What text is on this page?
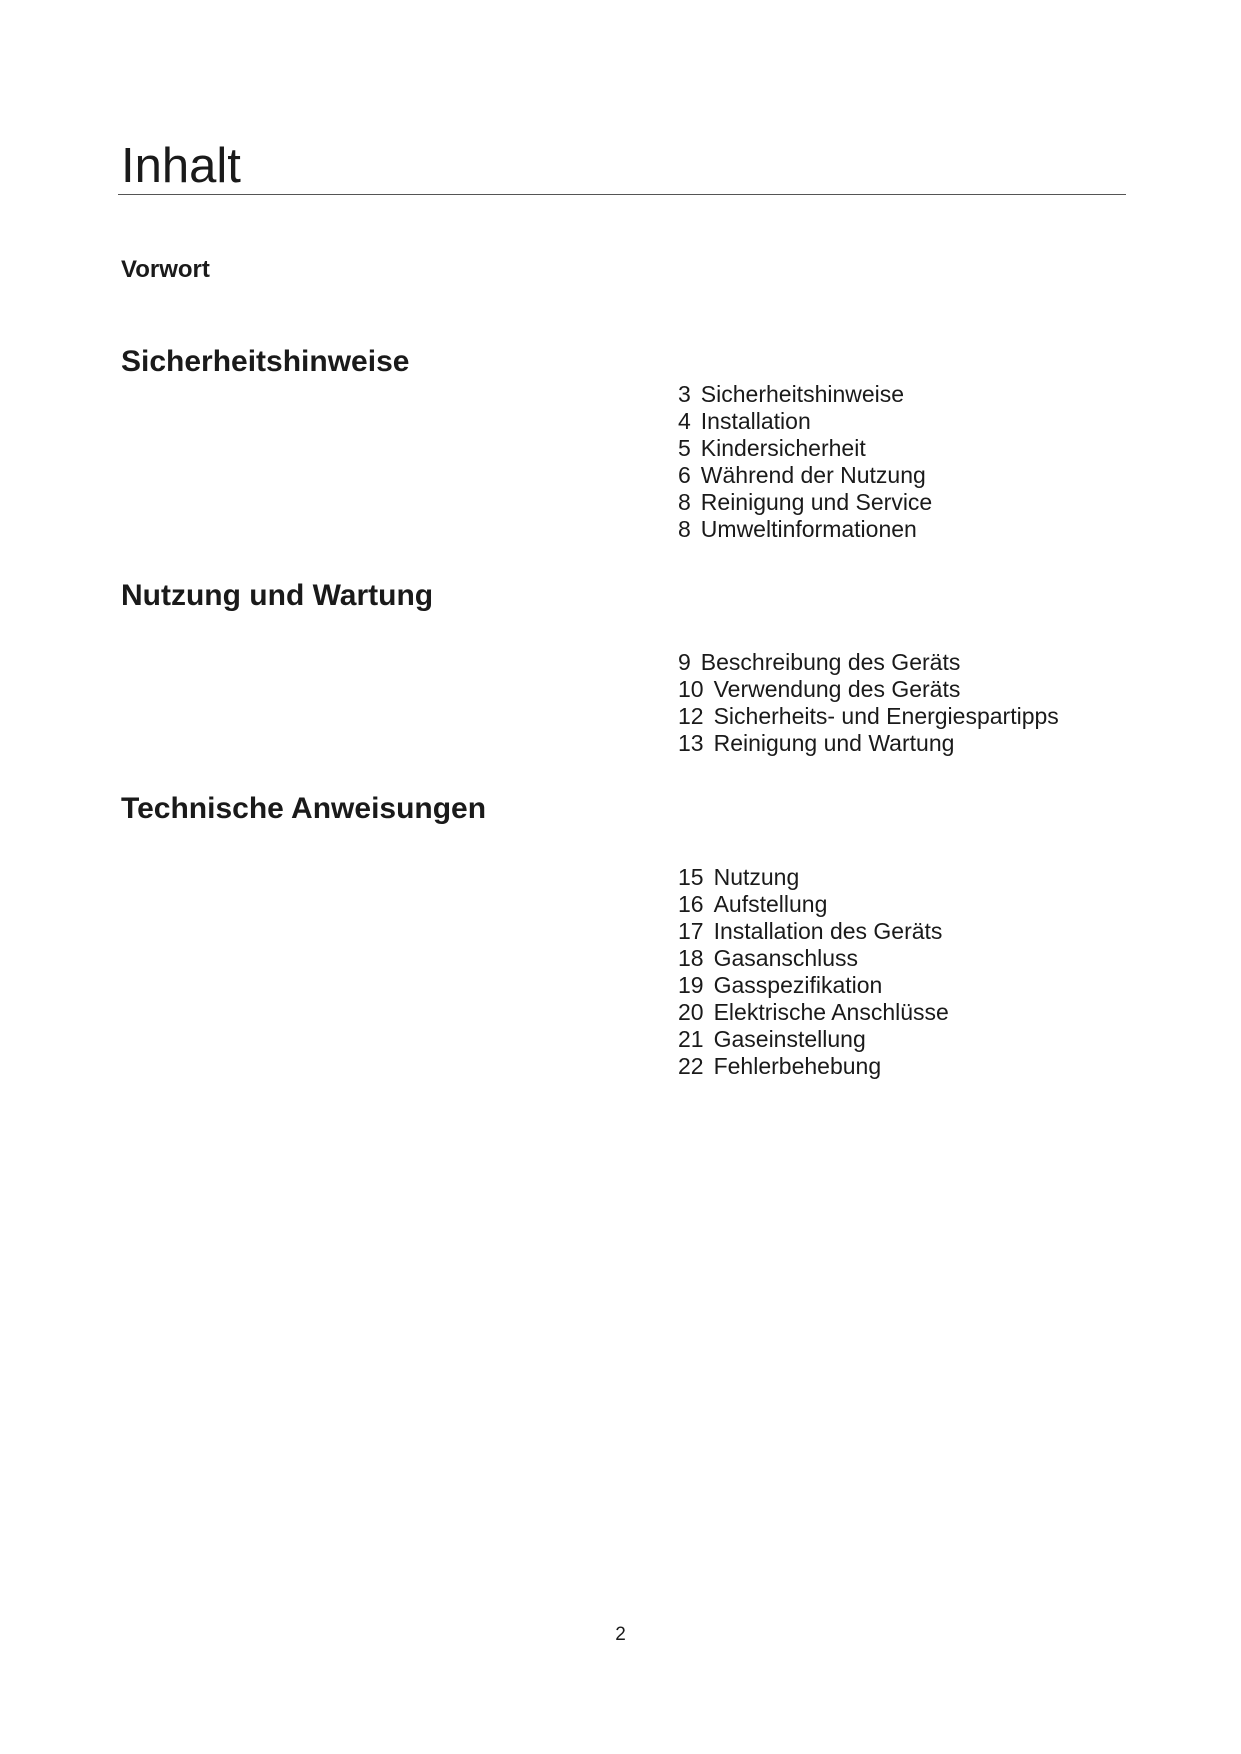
Inhalt
Vorwort
Sicherheitshinweise
3 Sicherheitshinweise
4 Installation
5 Kindersicherheit
6 Während der Nutzung
8 Reinigung und Service
8 Umweltinformationen
Nutzung und Wartung
9 Beschreibung des Geräts
10 Verwendung des Geräts
12 Sicherheits- und Energiespartipps
13 Reinigung und Wartung
Technische Anweisungen
15 Nutzung
16 Aufstellung
17 Installation des Geräts
18 Gasanschluss
19 Gasspezifikation
20 Elektrische Anschlüsse
21 Gaseinstellung
22 Fehlerbehebung
2
